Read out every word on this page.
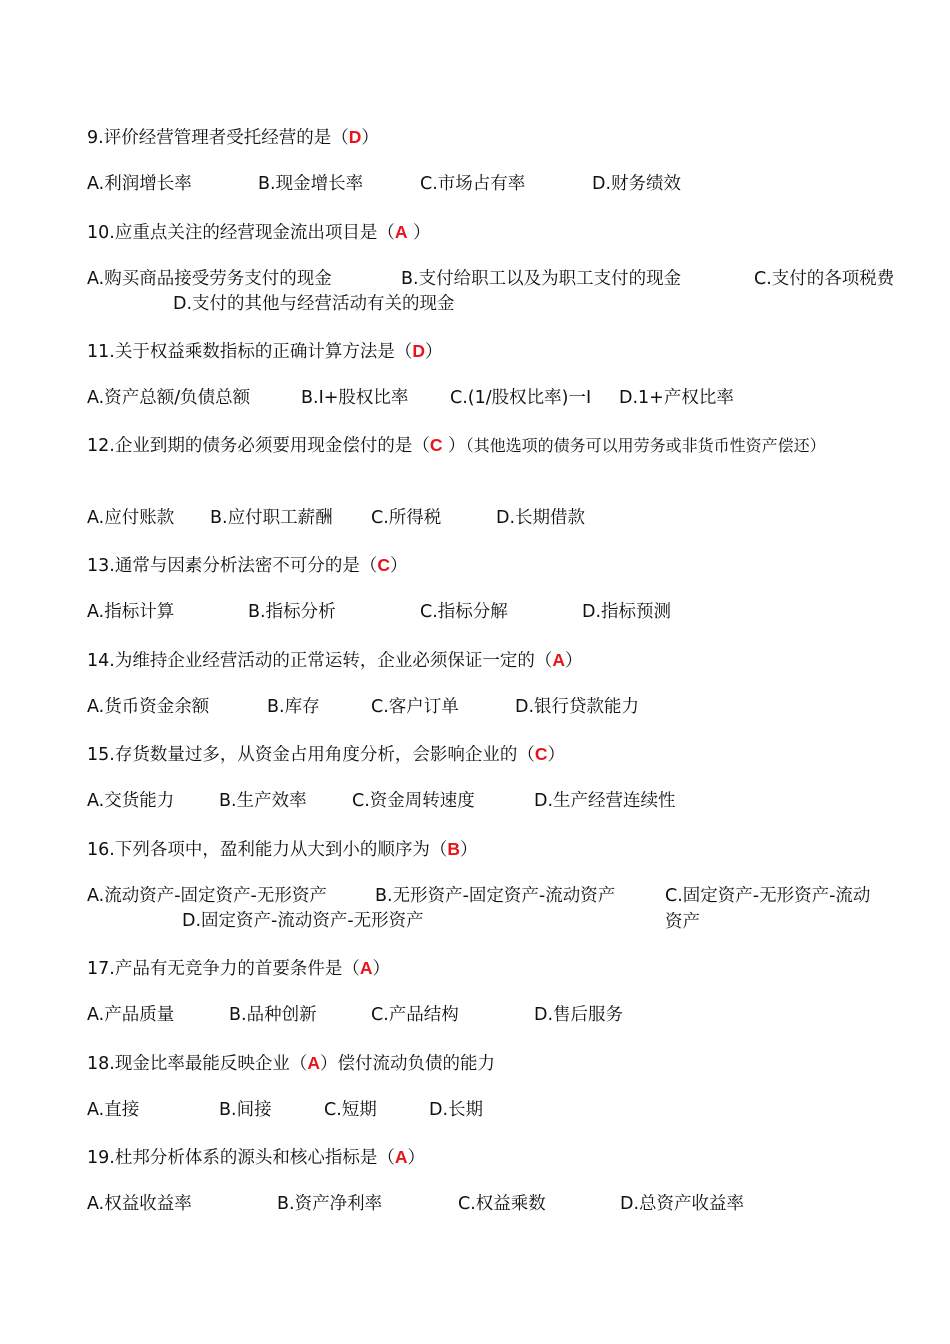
9.评价经营管理者受托经营的是（D）

A.利润增长率	B.现金增长率	C.市场占有率	D.财务绩效

10.应重点关注的经营现金流出项目是（A ）

A.购买商品接受劳务支付的现金	B.支付给职工以及为职工支付的现金	C.支付的各项税费
D.支付的其他与经营活动有关的现金

11.关于权益乘数指标的正确计算方法是（D）

A.资产总额/负债总额	B.I+股权比率 C.(1/股权比率)一I D.1+产权比率

12.企业到期的债务必须要用现金偿付的是（C ）（其他选项的债务可以用劳务或非货币性资产偿还）

A.应付账款 B.应付职工薪酬 C.所得税	D.长期借款

13.通常与因素分析法密不可分的是（C）

A.指标计算	B.指标分析	C.指标分解	D.指标预测

14.为维持企业经营活动的正常运转，企业必须保证一定的（A）

A.货币资金余额	B.库存	C.客户订单	D.银行贷款能力

15.存货数量过多，从资金占用角度分析，会影响企业的（C）

A.交货能力	B.生产效率	C.资金周转速度	D.生产经营连续性

16.下列各项中，盈利能力从大到小的顺序为（B）

A.流动资产-固定资产-无形资产	B.无形资产-固定资产-流动资产	C.固定资产-无形资产-流动资产
D.固定资产-流动资产-无形资产

17.产品有无竞争力的首要条件是（A）

A.产品质量	B.品种创新	C.产品结构	D.售后服务

18.现金比率最能反映企业（A）偿付流动负债的能力

A.直接	B.间接	C.短期	D.长期

19.杜邦分析体系的源头和核心指标是（A）

A.权益收益率	B.资产净利率	C.权益乘数	D.总资产收益率
